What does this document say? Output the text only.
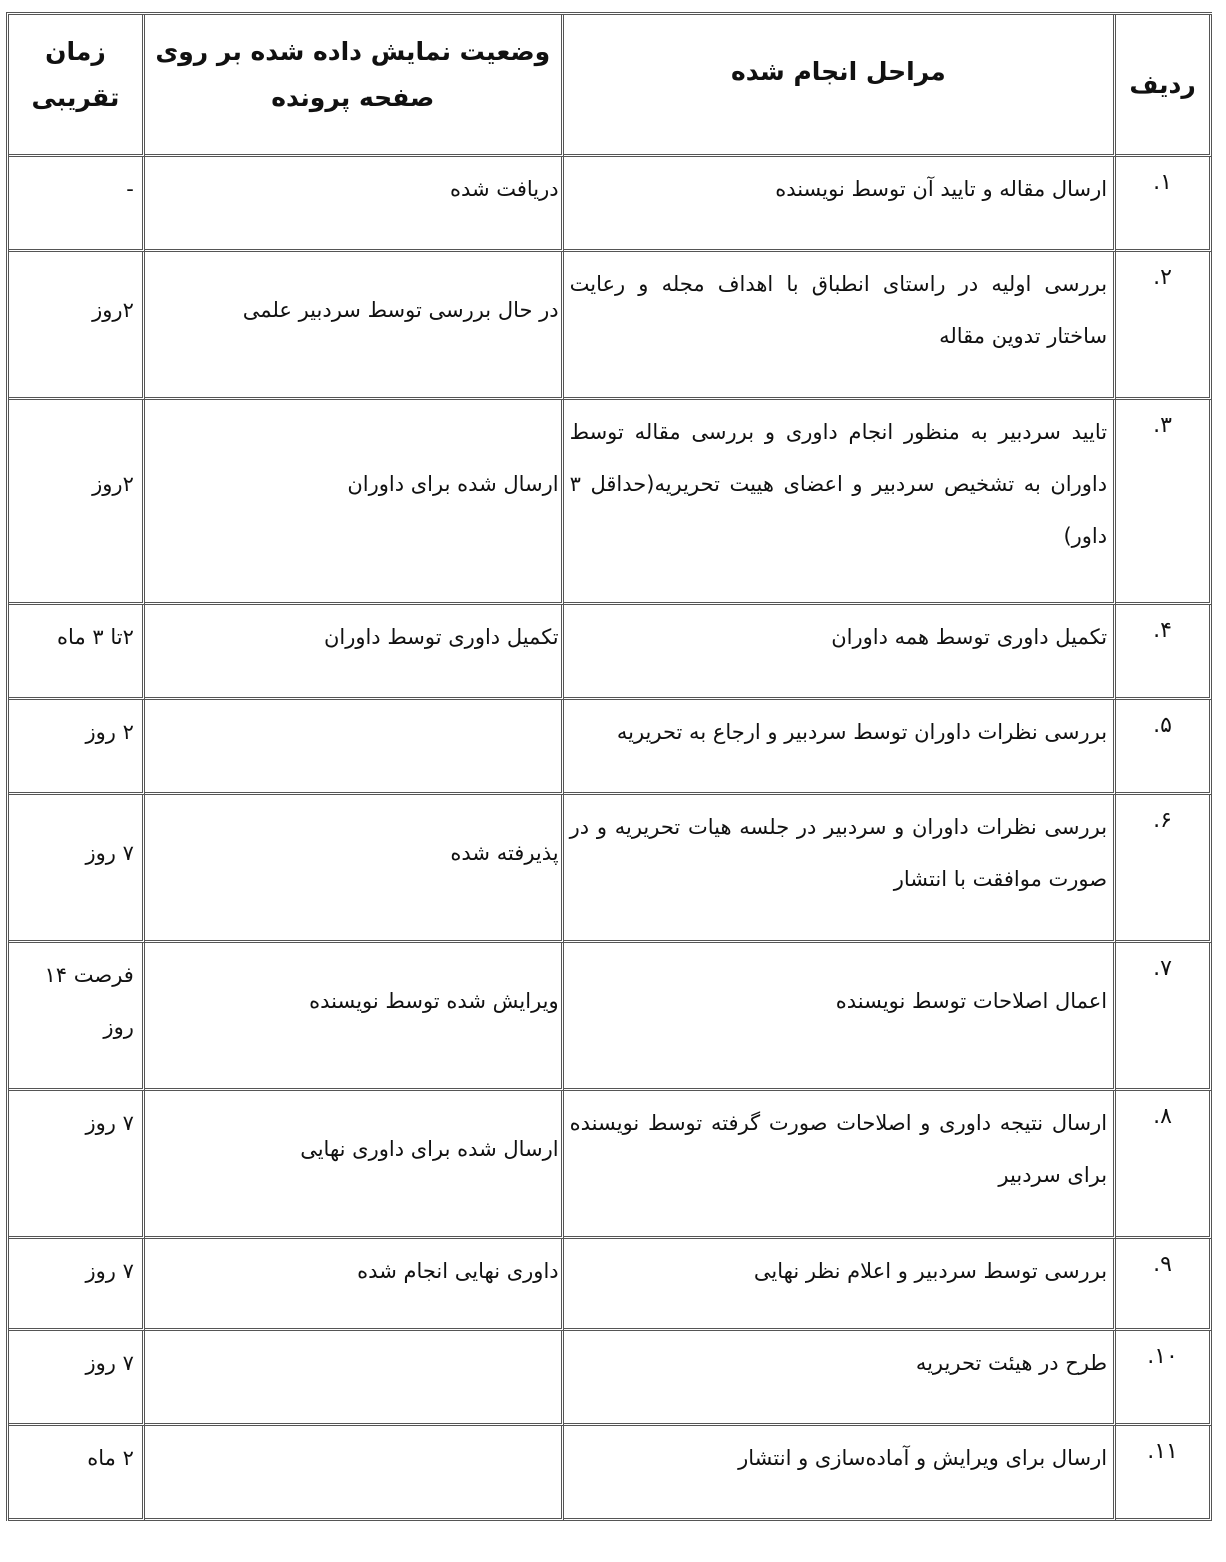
ردیف	مراحل انجام شده	وضعیت نمایش داده شده بر روی صفحه پرونده	زمان تقریبی
۱.	ارسال مقاله و تایید آن توسط نویسنده	دریافت شده	-
۲.	بررسی اولیه در راستای انطباق با اهداف مجله و رعایت ساختار تدوین مقاله	در حال بررسی توسط سردبیر علمی	۲روز
۳.	تایید سردبیر به منظور انجام داوری و بررسی مقاله توسط داوران به تشخیص سردبیر و اعضای هییت تحریریه(حداقل ۳ داور)	ارسال شده برای داوران	۲روز
۴.	تکمیل داوری توسط همه داوران	تکمیل داوری توسط داوران	۲تا ۳ ماه
۵.	بررسی نظرات داوران توسط سردبیر و ارجاع به تحریریه		۲ روز
۶.	بررسی نظرات داوران و سردبیر در جلسه هیات تحریریه و در صورت موافقت با انتشار	پذیرفته شده	۷ روز
۷.	اعمال اصلاحات توسط نویسنده	ویرایش شده توسط نویسنده	فرصت ۱۴ روز
۸.	ارسال نتیجه داوری و اصلاحات صورت گرفته توسط نویسنده برای سردبیر	ارسال شده برای داوری نهایی	۷ روز
۹.	بررسی توسط سردبیر و اعلام نظر نهایی	داوری نهایی انجام شده	۷ روز
۱۰.	طرح در هیئت تحریریه		۷ روز
۱۱.	ارسال برای ویرایش و آماده‌سازی و انتشار		۲ ماه
